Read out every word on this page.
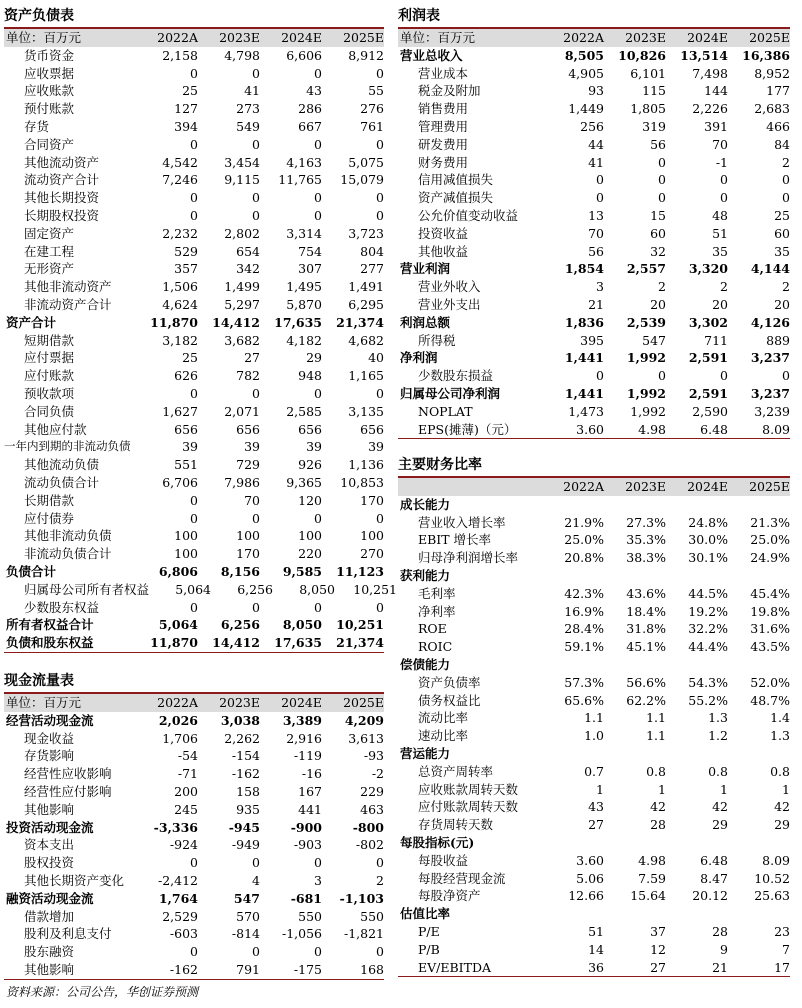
资产负债表
单位：百万元	2022A	2023E	2024E	2025E
货币资金	2,158	4,798	6,606	8,912
应收票据	0	0	0	0
应收账款	25	41	43	55
预付账款	127	273	286	276
存货	394	549	667	761
合同资产	0	0	0	0
其他流动资产	4,542	3,454	4,163	5,075
流动资产合计	7,246	9,115	11,765	15,079
其他长期投资	0	0	0	0
长期股权投资	0	0	0	0
固定资产	2,232	2,802	3,314	3,723
在建工程	529	654	754	804
无形资产	357	342	307	277
其他非流动资产	1,506	1,499	1,495	1,491
非流动资产合计	4,624	5,297	5,870	6,295
资产合计	11,870	14,412	17,635	21,374
短期借款	3,182	3,682	4,182	4,682
应付票据	25	27	29	40
应付账款	626	782	948	1,165
预收款项	0	0	0	0
合同负债	1,627	2,071	2,585	3,135
其他应付款	656	656	656	656
一年内到期的非流动负债	39	39	39	39
其他流动负债	551	729	926	1,136
流动负债合计	6,706	7,986	9,365	10,853
长期借款	0	70	120	170
应付债券	0	0	0	0
其他非流动负债	100	100	100	100
非流动负债合计	100	170	220	270
负债合计	6,806	8,156	9,585	11,123
归属母公司所有者权益	5,064	6,256	8,050	10,251
少数股东权益	0	0	0	0
所有者权益合计	5,064	6,256	8,050	10,251
负债和股东权益	11,870	14,412	17,635	21,374
现金流量表
单位：百万元	2022A	2023E	2024E	2025E
经营活动现金流	2,026	3,038	3,389	4,209
现金收益	1,706	2,262	2,916	3,613
存货影响	-54	-154	-119	-93
经营性应收影响	-71	-162	-16	-2
经营性应付影响	200	158	167	229
其他影响	245	935	441	463
投资活动现金流	-3,336	-945	-900	-800
资本支出	-924	-949	-903	-802
股权投资	0	0	0	0
其他长期资产变化	-2,412	4	3	2
融资活动现金流	1,764	547	-681	-1,103
借款增加	2,529	570	550	550
股利及利息支付	-603	-814	-1,056	-1,821
股东融资	0	0	0	0
其他影响	-162	791	-175	168
利润表
单位：百万元	2022A	2023E	2024E	2025E
营业总收入	8,505	10,826	13,514	16,386
营业成本	4,905	6,101	7,498	8,952
税金及附加	93	115	144	177
销售费用	1,449	1,805	2,226	2,683
管理费用	256	319	391	466
研发费用	44	56	70	84
财务费用	41	0	-1	2
信用减值损失	0	0	0	0
资产减值损失	0	0	0	0
公允价值变动收益	13	15	48	25
投资收益	70	60	51	60
其他收益	56	32	35	35
营业利润	1,854	2,557	3,320	4,144
营业外收入	3	2	2	2
营业外支出	21	20	20	20
利润总额	1,836	2,539	3,302	4,126
所得税	395	547	711	889
净利润	1,441	1,992	2,591	3,237
少数股东损益	0	0	0	0
归属母公司净利润	1,441	1,992	2,591	3,237
NOPLAT	1,473	1,992	2,590	3,239
EPS(摊薄)（元）	3.60	4.98	6.48	8.09
主要财务比率
2022A	2023E	2024E	2025E
成长能力
营业收入增长率	21.9%	27.3%	24.8%	21.3%
EBIT 增长率	25.0%	35.3%	30.0%	25.0%
归母净利润增长率	20.8%	38.3%	30.1%	24.9%
获利能力
毛利率	42.3%	43.6%	44.5%	45.4%
净利率	16.9%	18.4%	19.2%	19.8%
ROE	28.4%	31.8%	32.2%	31.6%
ROIC	59.1%	45.1%	44.4%	43.5%
偿债能力
资产负债率	57.3%	56.6%	54.3%	52.0%
债务权益比	65.6%	62.2%	55.2%	48.7%
流动比率	1.1	1.1	1.3	1.4
速动比率	1.0	1.1	1.2	1.3
营运能力
总资产周转率	0.7	0.8	0.8	0.8
应收账款周转天数	1	1	1	1
应付账款周转天数	43	42	42	42
存货周转天数	27	28	29	29
每股指标(元)
每股收益	3.60	4.98	6.48	8.09
每股经营现金流	5.06	7.59	8.47	10.52
每股净资产	12.66	15.64	20.12	25.63
估值比率
P/E	51	37	28	23
P/B	14	12	9	7
EV/EBITDA	36	27	21	17
资料来源：公司公告，华创证券预测
